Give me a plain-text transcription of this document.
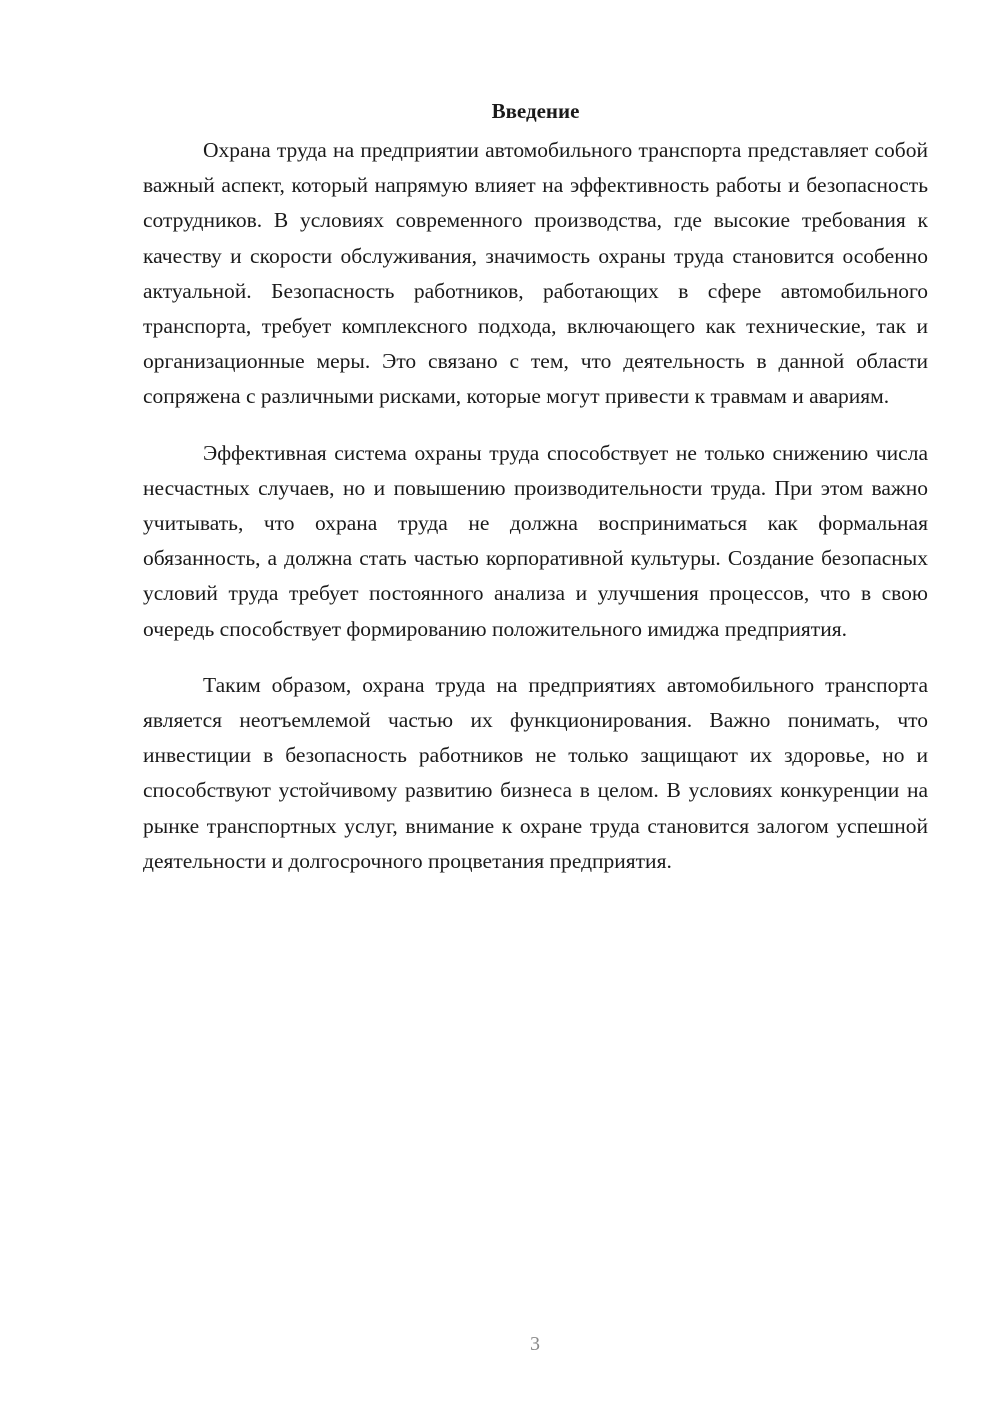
Введение

Охрана труда на предприятии автомобильного транспорта представляет собой важный аспект, который напрямую влияет на эффективность работы и безопасность сотрудников. В условиях современного производства, где высокие требования к качеству и скорости обслуживания, значимость охраны труда становится особенно актуальной. Безопасность работников, работающих в сфере автомобильного транспорта, требует комплексного подхода, включающего как технические, так и организационные меры. Это связано с тем, что деятельность в данной области сопряжена с различными рисками, которые могут привести к травмам и авариям.

Эффективная система охраны труда способствует не только снижению числа несчастных случаев, но и повышению производительности труда. При этом важно учитывать, что охрана труда не должна восприниматься как формальная обязанность, а должна стать частью корпоративной культуры. Создание безопасных условий труда требует постоянного анализа и улучшения процессов, что в свою очередь способствует формированию положительного имиджа предприятия.

Таким образом, охрана труда на предприятиях автомобильного транспорта является неотъемлемой частью их функционирования. Важно понимать, что инвестиции в безопасность работников не только защищают их здоровье, но и способствуют устойчивому развитию бизнеса в целом. В условиях конкуренции на рынке транспортных услуг, внимание к охране труда становится залогом успешной деятельности и долгосрочного процветания предприятия.

3
